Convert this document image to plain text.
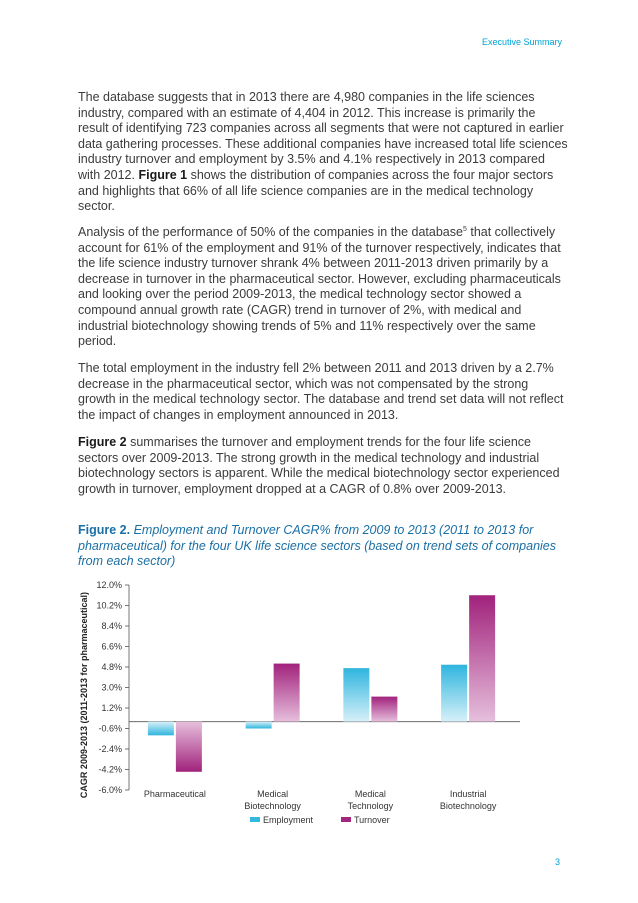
Executive Summary
The database suggests that in 2013 there are 4,980 companies in the life sciences industry, compared with an estimate of 4,404 in 2012. This increase is primarily the result of identifying 723 companies across all segments that were not captured in earlier data gathering processes. These additional companies have increased total life sciences industry turnover and employment by 3.5% and 4.1% respectively in 2013 compared with 2012. Figure 1 shows the distribution of companies across the four major sectors and highlights that 66% of all life science companies are in the medical technology sector.
Analysis of the performance of 50% of the companies in the database$^5$ that collectively account for 61% of the employment and 91% of the turnover respectively, indicates that the life science industry turnover shrank 4% between 2011-2013 driven primarily by a decrease in turnover in the pharmaceutical sector. However, excluding pharmaceuticals and looking over the period 2009-2013, the medical technology sector showed a compound annual growth rate (CAGR) trend in turnover of 2%, with medical and industrial biotechnology showing trends of 5% and 11% respectively over the same period.
The total employment in the industry fell 2% between 2011 and 2013 driven by a 2.7% decrease in the pharmaceutical sector, which was not compensated by the strong growth in the medical technology sector. The database and trend set data will not reflect the impact of changes in employment announced in 2013.
Figure 2 summarises the turnover and employment trends for the four life science sectors over 2009-2013. The strong growth in the medical technology and industrial biotechnology sectors is apparent. While the medical biotechnology sector experienced growth in turnover, employment dropped at a CAGR of 0.8% over 2009-2013.
Figure 2. Employment and Turnover CAGR% from 2009 to 2013 (2011 to 2013 for pharmaceutical) for the four UK life science sectors (based on trend sets of companies from each sector)
CAGR 2009-2013 (2011-2013 for pharmaceutical)
12.0%
10.2%
8.4%
6.6%
4.8%
3.0%
1.2%
-0.6%
-2.4%
-4.2%
-6.0% Pharmaceutical	Medical Biotechnology
Medical Technology
Industrial Biotechnology
Employment	Turnover
3
